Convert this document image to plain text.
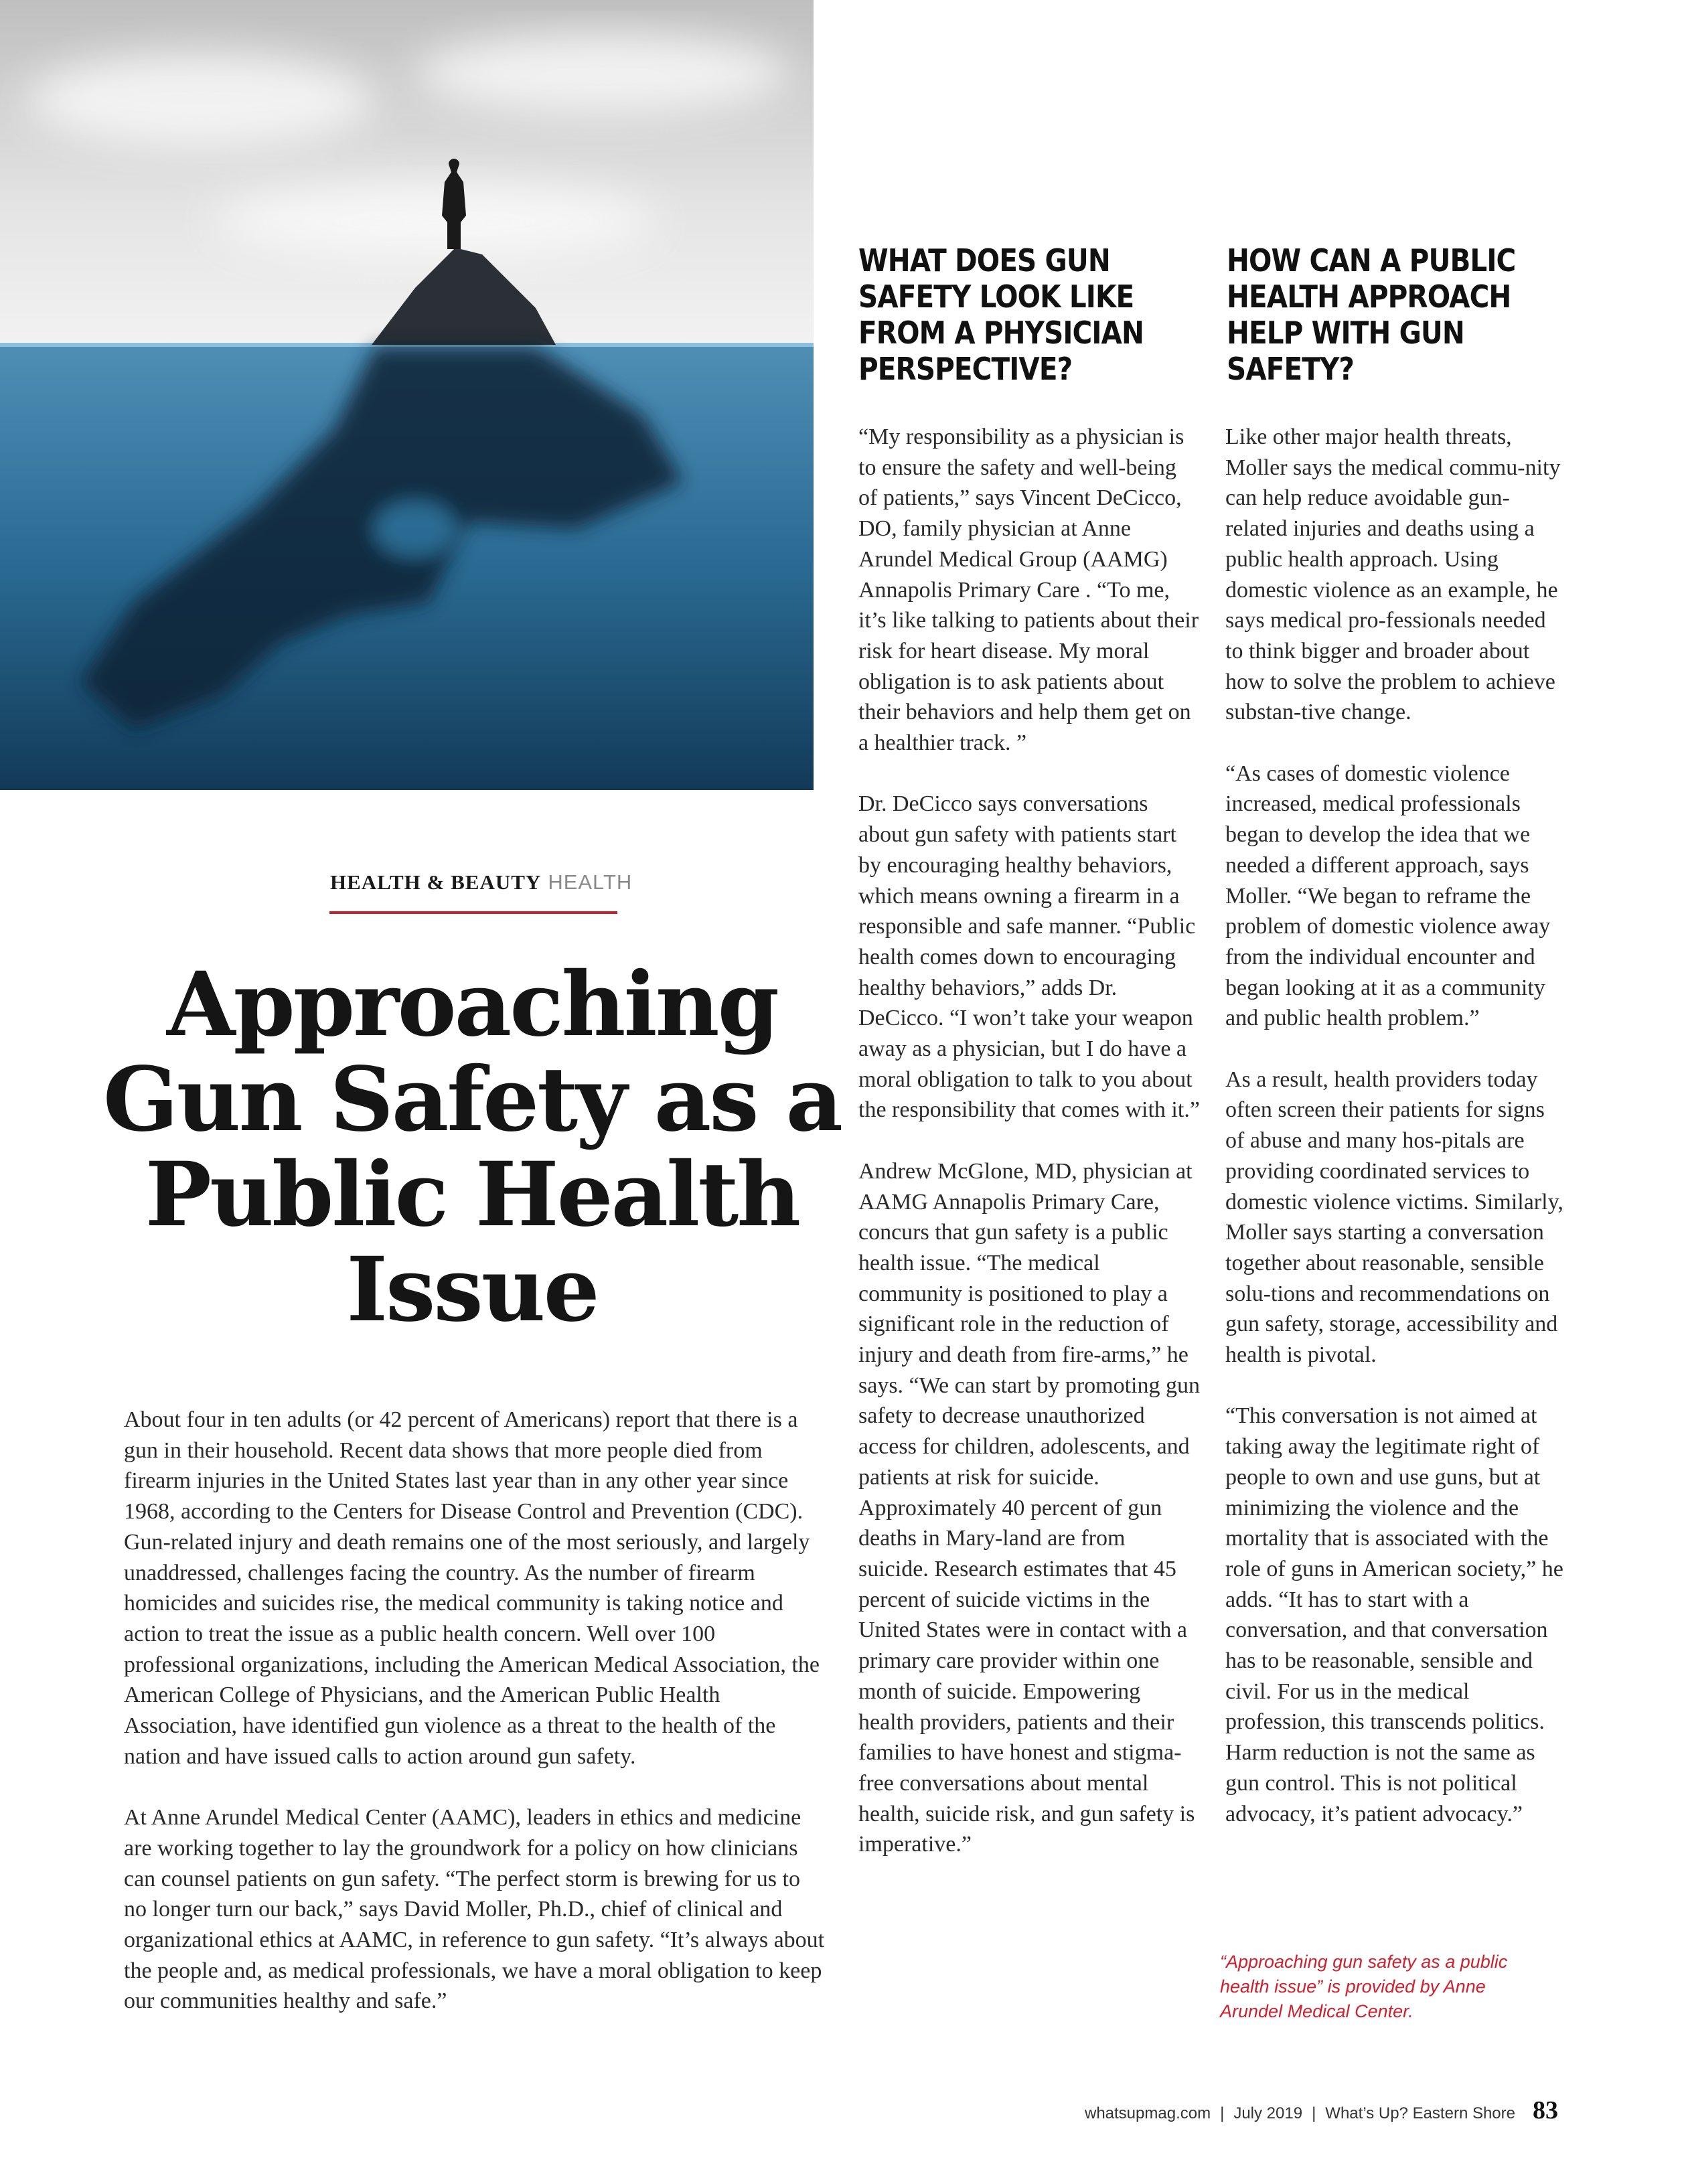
HEALTH & BEAUTY HEALTH
Approaching Gun Safety as a Public Health Issue

About four in ten adults (or 42 percent of Americans) report that there is a gun in their household. Recent data shows that more people died from firearm injuries in the United States last year than in any other year since 1968, according to the Centers for Disease Control and Prevention (CDC). Gun-related injury and death remains one of the most seriously, and largely unaddressed, challenges facing the country. As the number of firearm homicides and suicides rise, the medical community is taking notice and action to treat the issue as a public health concern. Well over 100 professional organizations, including the American Medical Association, the American College of Physicians, and the American Public Health Association, have identified gun violence as a threat to the health of the nation and have issued calls to action around gun safety.

At Anne Arundel Medical Center (AAMC), leaders in ethics and medicine are working together to lay the groundwork for a policy on how clinicians can counsel patients on gun safety. “The perfect storm is brewing for us to no longer turn our back,” says David Moller, Ph.D., chief of clinical and organizational ethics at AAMC, in reference to gun safety. “It’s always about the people and, as medical professionals, we have a moral obligation to keep our communities healthy and safe.”

WHAT DOES GUN SAFETY LOOK LIKE FROM A PHYSICIAN PERSPECTIVE?
HOW CAN A PUBLIC HEALTH APPROACH HELP WITH GUN SAFETY?

“My responsibility as a physician is to ensure the safety and well-being of patients,” says Vincent DeCicco, DO, family physician at Anne Arundel Medical Group (AAMG) Annapolis Primary Care . “To me, it’s like talking to patients about their risk for heart disease. My moral obligation is to ask patients about their behaviors and help them get on a healthier track. ”

Dr. DeCicco says conversations about gun safety with patients start by encouraging healthy behaviors, which means owning a firearm in a responsible and safe manner. “Public health comes down to encouraging healthy behaviors,” adds Dr. DeCicco. “I won’t take your weapon away as a physician, but I do have a moral obligation to talk to you about the responsibility that comes with it.”

Andrew McGlone, MD, physician at AAMG Annapolis Primary Care, concurs that gun safety is a public health issue. “The medical community is positioned to play a significant role in the reduction of injury and death from fire-arms,” he says. “We can start by promoting gun safety to decrease unauthorized access for children, adolescents, and patients at risk for suicide. Approximately 40 percent of gun deaths in Mary-land are from suicide. Research estimates that 45 percent of suicide victims in the United States were in contact with a primary care provider within one month of suicide. Empowering health providers, patients and their families to have honest and stigma-free conversations about mental health, suicide risk, and gun safety is imperative.”

Like other major health threats, Moller says the medical commu-nity can help reduce avoidable gun-related injuries and deaths using a public health approach. Using domestic violence as an example, he says medical pro-fessionals needed to think bigger and broader about how to solve the problem to achieve substan-tive change.

“As cases of domestic violence increased, medical professionals began to develop the idea that we needed a different approach, says Moller. “We began to reframe the problem of domestic violence away from the individual encounter and began looking at it as a community and public health problem.”

As a result, health providers today often screen their patients for signs of abuse and many hos-pitals are providing coordinated services to domestic violence victims. Similarly, Moller says starting a conversation together about reasonable, sensible solu-tions and recommendations on gun safety, storage, accessibility and health is pivotal.

“This conversation is not aimed at taking away the legitimate right of people to own and use guns, but at minimizing the violence and the mortality that is associated with the role of guns in American society,” he adds. “It has to start with a conversation, and that conversation has to be reasonable, sensible and civil. For us in the medical profession, this transcends politics. Harm reduction is not the same as gun control. This is not political advocacy, it’s patient advocacy.”

“Approaching gun safety as a public health issue” is provided by Anne Arundel Medical Center.
whatsupmag.com | July 2019 | What’s Up? Eastern Shore 83
